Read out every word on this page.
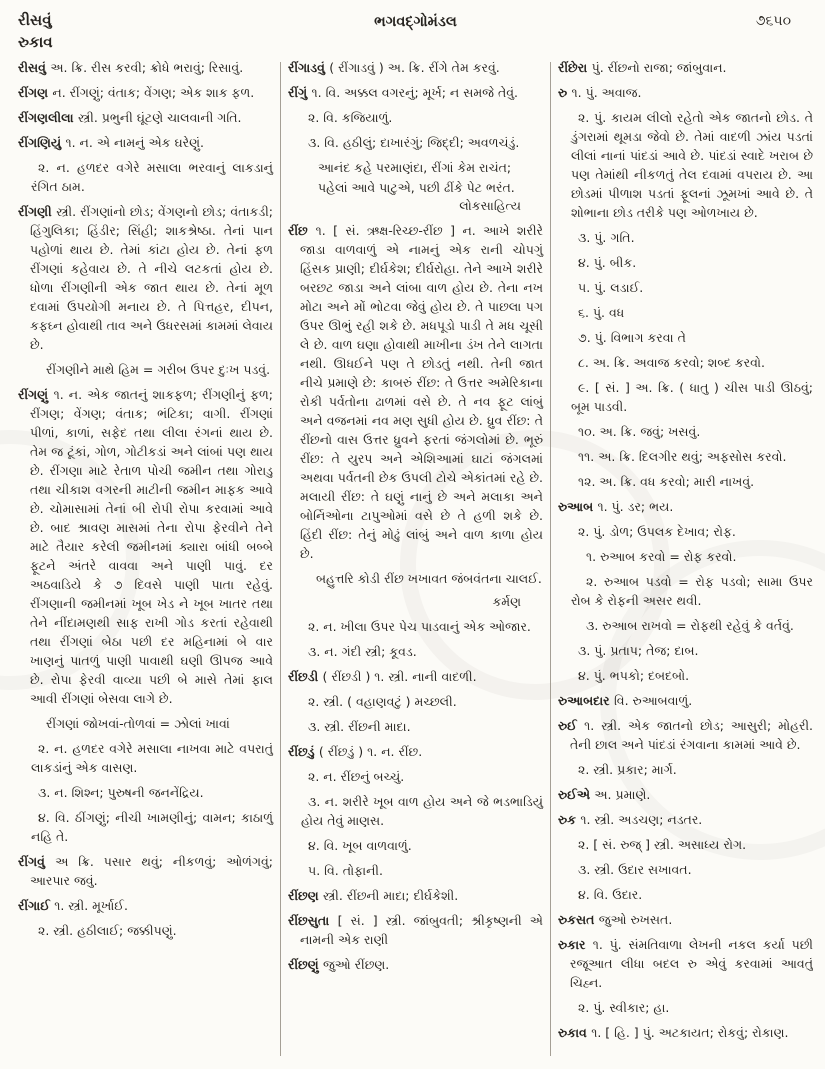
રીસવું
રુકાવ
ભગવદ્ગોમંડલ	૭૬૫૦

રીસવું અ. ક્રિ. રીસ કરવી; ક્રોધે ભરાવું; રિસાવું.

રીંગણ ન. રીંગણું; વંતાક; વેંગણ; એક શાક ફળ.

રીંગણલીલા સ્ત્રી. પ્રભુની ઘૂંટણે ચાલવાની ગતિ.

રીંગણિયું ૧. ન. એ નામનું એક ઘરેણું.

૨. ન. હળદર વગેરે મસાલા ભરવાનું લાકડાનું રંગિત ઠામ.

રીંગણી સ્ત્રી. રીંગણાંનો છોડ; વેંગણનો છોડ; વંતાકડી; હિંગુલિકા; હિંડીર; સિંહી; શાકશ્રેષ્ઠા. તેનાં પાન પહોળાં થાય છે. તેમાં કાંટા હોય છે. તેનાં ફળ રીંગણાં કહેવાય છે. તે નીચે લટકતાં હોય છે. ધોળા રીંગણીની એક જાત થાય છે. તેનાં મૂળ દવામાં ઉપયોગી મનાય છે. તે પિત્તહર, દીપન, કફઘ્ન હોવાથી તાવ અને ઉધરસમાં કામમાં લેવાય છે.

રીંગણીને માથે હિમ = ગરીબ ઉપર દુઃખ પડવું.

રીંગણું ૧. ન. એક જાતનું શાકફળ; રીંગણીનું ફળ; રીંગણ; વેંગણ; વંતાક; ભંટિકા; વાગી. રીંગણાં પીળાં, કાળાં, સફેદ તથા લીલા રંગનાં થાય છે. તેમ જ ટૂંકાં, ગોળ, ગોટીકડાં અને લાંબાં પણ થાય છે. રીંગણા માટે રેતાળ પોચી જમીન તથા ગોરાડુ તથા ચીકાશ વગરની માટીની જમીન માફક આવે છે. ચોમાસામાં તેનાં બી રોપી રોપા કરવામાં આવે છે. બાદ શ્રાવણ માસમાં તેના રોપા ફેરવીને તેને માટે તૈયાર કરેલી જમીનમાં ક્યારા બાંધી બબ્બે ફૂટને અંતરે વાવવા અને પાણી પાવું. દર અઠવાડિયે કે ૭ દિવસે પાણી પાતા રહેવું. રીંગણાની જમીનમાં ખૂબ ખેડ ને ખૂબ ખાતર તથા તેને નીંદામણથી સાફ રાખી ગોડ કરતાં રહેવાથી તથા રીંગણાં બેઠા પછી દર મહિનામાં બે વાર ખાણનું પાતળું પાણી પાવાથી ઘણી ઊપજ આવે છે. રોપા ફેરવી વાવ્યા પછી બે માસે તેમાં ફાલ આવી રીંગણાં બેસવા લાગે છે.

રીંગણાં જોખવાં-તોળવાં = ઝોલાં ખાવાં

૨. ન. હળદર વગેરે મસાલા નાખવા માટે વપરાતું લાકડાંનું એક વાસણ.

૩. ન. શિશ્ન; પુરુષની જનનેંદ્રિય.

૪. વિ. ઠીંગણું; નીચી ખામણીનું; વામન; કાઠાળું નહિ તે.

રીંગવું અ ક્રિ. પસાર થવું; નીકળવું; ઓળંગવું; આરપાર જવું.

રીંગાઈ ૧. સ્ત્રી. મૂર્ખાઈ.

૨. સ્ત્રી. હઠીલાઈ; જક્કીપણું.

રીંગાડવું ( રીંગાડવું ) અ. ક્રિ. રીંગે તેમ કરવું.

રીંગું ૧. વિ. અક્કલ વગરનું; મૂર્ખ; ન સમજે તેવું.

૨. વિ. કજિયાળું.

૩. વિ. હઠીલું; દાખારંગું; જિદ્દી; અવળચંડું.

આનંદ કહે પરમાણંદા, રીંગાં કેમ રાચંત;

પહેલાં આવે પાટુએ, પછી ઢીંકે પેટ ભરંત.

લોકસાહિત્ય

રીંછ ૧. [ સં. ઋક્ષ-રિચ્છ-રીંછ ] ન. આખે શરીરે જાડા વાળવાળું એ નામનું એક રાની ચોપગું હિંસક પ્રાણી; દીર્ઘકેશ; દીર્ઘરોહા. તેને આખે શરીરે બરછટ જાડા અને લાંબા વાળ હોય છે. તેના નખ મોટા અને મોં ભોટવા જેવું હોય છે. તે પાછલા પગ ઉપર ઊભું રહી શકે છે. મધપૂડો પાડી તે મધ ચૂસી લે છે. વાળ ઘણા હોવાથી માખીના ડંખ તેને લાગતા નથી. ઊધઈને પણ તે છોડતું નથી. તેની જાત નીચે પ્રમાણે છે: કાબરું રીંછ: તે ઉત્તર અમેરિકાના રોકી પર્વતોના ઢાળમાં વસે છે. તે નવ ફૂટ લાંબું અને વજનમાં નવ મણ સુધી હોય છે. ધ્રુવ રીંછ: તે રીંછનો વાસ ઉત્તર ધ્રુવને ફરતાં જંગલોમાં છે. ભૂરું રીંછ: તે યુરપ અને એશિઆમાં ઘાટાં જંગલમાં અથવા પર્વતની છેક ઉપલી ટોચે એકાંતમાં રહે છે. મલાયી રીંછ: તે ઘણું નાનું છે અને મલાકા અને બોર્નિઓના ટાપુઓમાં વસે છે તે હળી શકે છે. હિંદી રીંછ: તેનું મોઢું લાંબું અને વાળ કાળા હોય છે.

બહુત્તરિ કોડી રીંછ ખખાવત જંબવંતના ચાલઈ.

કર્મણ

૨. ન. ખીલા ઉપર પેચ પાડવાનું એક ઓજાર.

૩. ન. ગંદી સ્ત્રી; કૂવડ.

રીંછડી ( રીંછડી ) ૧. સ્ત્રી. નાની વાદળી.

૨. સ્ત્રી. ( વહાણવટું ) મચ્છલી.

૩. સ્ત્રી. રીંછની માદા.

રીંછડું ( રીંછડું ) ૧. ન. રીંછ.

૨. ન. રીંછનું બચ્ચું.

૩. ન. શરીરે ખૂબ વાળ હોય અને જે ભડભાડિયું હોય તેવું માણસ.

૪. વિ. ખૂબ વાળવાળું.

૫. વિ. તોફાની.

રીંછણ સ્ત્રી. રીંછની માદા; દીર્ઘકેશી.

રીંછસુતા [ સં. ] સ્ત્રી. જાંબુવતી; શ્રીકૃષ્ણની એ નામની એક રાણી

રીંછણું જુઓ રીંછણ.

રીંછેરા પું. રીંછનો રાજા; જાંબુવાન.

રુ ૧. પું. અવાજ.

૨. પું. કાયમ લીલો રહેતો એક જાતનો છોડ. તે ડુંગરામાં થૂમડા જેવો છે. તેમાં વાદળી ઝાંય પડતાં લીલાં નાનાં પાંદડાં આવે છે. પાંદડાં સ્વાદે ખરાબ છે પણ તેમાંથી નીકળતું તેલ દવામાં વપરાય છે. આ છોડમાં પીળાશ પડતાં ફૂલનાં ઝૂમખાં આવે છે. તે શોભાના છોડ તરીકે પણ ઓળખાય છે.

૩. પું. ગતિ.

૪. પું. બીક.

૫. પું. લડાઈ.

૬. પું. વધ

૭. પું. વિભાગ કરવા તે

૮. અ. ક્રિ. અવાજ કરવો; શબ્દ કરવો.

૯. [ સં. ] અ. ક્રિ. ( ધાતુ ) ચીસ પાડી ઊઠવું; બૂમ પાડવી.

૧૦. અ. ક્રિ. જવું; ખસવું.

૧૧. અ. ક્રિ. દિલગીર થવું; અફસોસ કરવો.

૧૨. અ. ક્રિ. વધ કરવો; મારી નાખવું.

રુઆબ ૧. પું. ડર; ભય.

૨. પું. ડોળ; ઉપલક દેખાવ; રોફ.

૧. રુઆબ કરવો = રોફ કરવો.

૨. રુઆબ પડવો = રોફ પડવો; સામા ઉપર રોબ કે રોફની અસર થવી.

૩. રુઆબ રાખવો = રોફથી રહેવું કે વર્તવું.

૩. પું. પ્રતાપ; તેજ; દાબ.

૪. પું. ભપકો; દબદબો.

રુઆબદાર વિ. રુઆબવાળું.

રુઈ ૧. સ્ત્રી. એક જાતનો છોડ; આસુરી; મોહરી. તેની છાલ અને પાંદડાં રંગવાના કામમાં આવે છે.

૨. સ્ત્રી. પ્રકાર; માર્ગ.

રુઈએ અ. પ્રમાણે.

રુક ૧. સ્ત્રી. અડચણ; નડતર.

૨. [ સં. રુજ્ ] સ્ત્રી. અસાધ્ય રોગ.

૩. સ્ત્રી. ઉદાર સખાવત.

૪. વિ. ઉદાર.

રુકસત જુઓ રુખસત.

રુકાર ૧. પું. સંમતિવાળા લેખની નકલ કર્યા પછી રજૂઆત લીધા બદલ રુ એવું કરવામાં આવતું ચિહ્ન.

૨. પું. સ્વીકાર; હા.

રુકાવ ૧. [ હિ. ] પું. અટકાયત; રોકવું; રોકાણ.
